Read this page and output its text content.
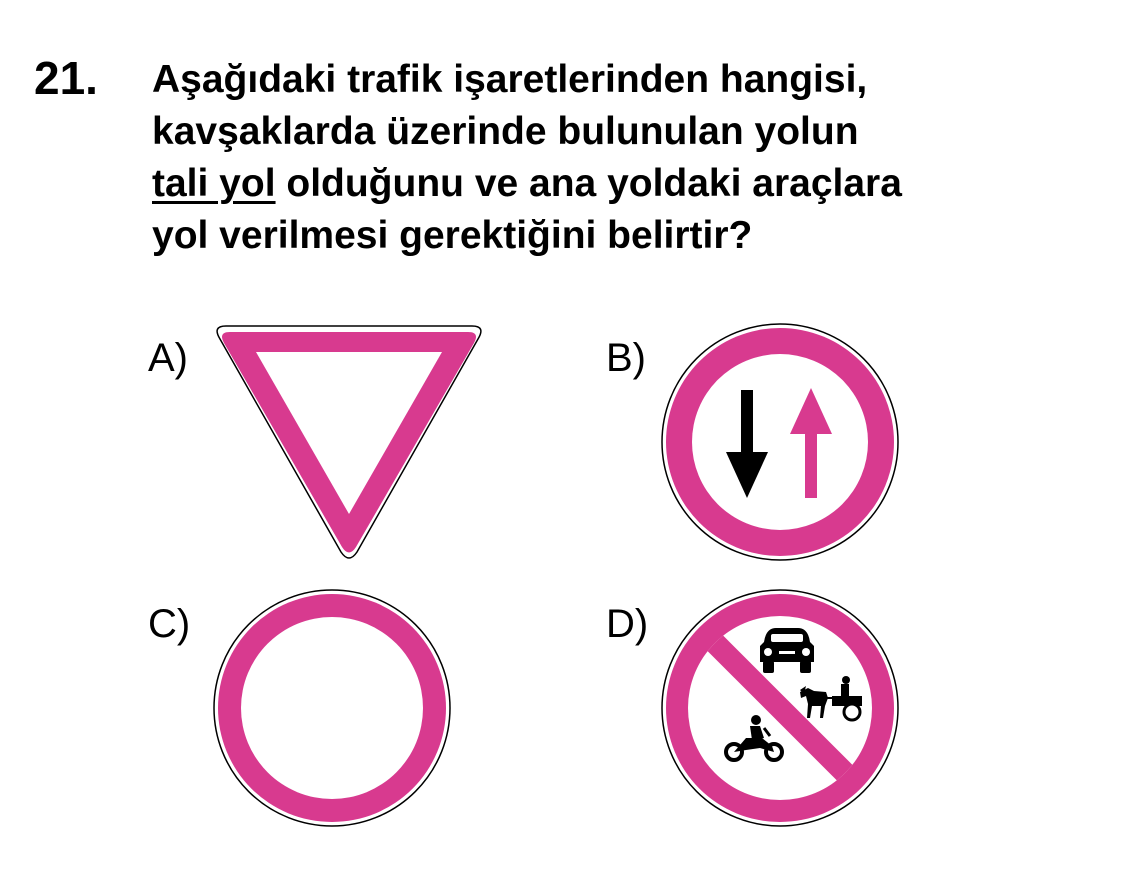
21. Aşağıdaki trafik işaretlerinden hangisi,
kavşaklarda üzerinde bulunulan yolun
tali yol olduğunu ve ana yoldaki araçlara
yol verilmesi gerektiğini belirtir?
A)	B)
C)	D)
